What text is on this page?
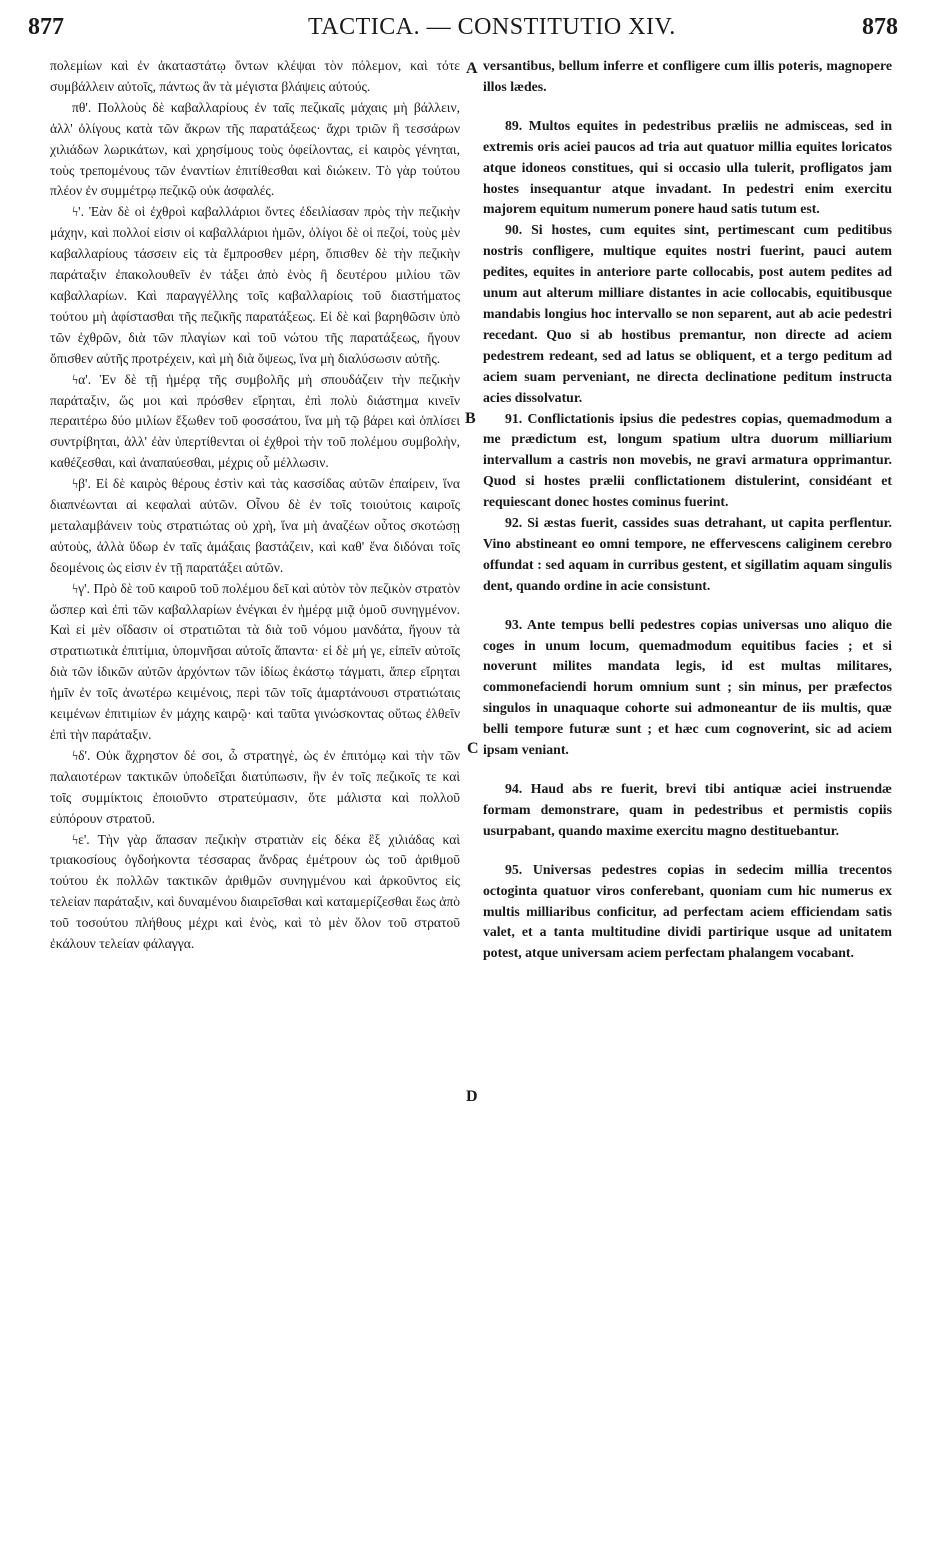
877	TACTICA. — CONSTITUTIO XIV.	878

πολεμίων καὶ ἐν ἀκαταστάτῳ ὄντων κλέψαι τὸν πόλεμον, καὶ τότε συμβάλλειν αὐτοῖς, πάντως ἂν τὰ μέγιστα βλάψεις αὐτούς.

πθ'. Πολλοὺς δὲ καβαλλαρίους ἐν ταῖς πεζικαῖς μάχαις μὴ βάλλειν, ἀλλ' ὀλίγους κατὰ τῶν ἄκρων τῆς παρατάξεως· ἄχρι τριῶν ἢ τεσσάρων χιλιάδων λωρικάτων, καὶ χρησίμους τοὺς ὀφείλοντας, εἰ καιρὸς γένηται, τοὺς τρεπομένους τῶν ἐναντίων ἐπιτίθεσθαι καὶ διώκειν. Τὸ γὰρ τούτου πλέον ἐν συμμέτρῳ πεζικῷ οὐκ ἀσφαλές.

ϟ'. Ἐὰν δὲ οἱ ἐχθροὶ καβαλλάριοι ὄντες ἐδειλίασαν πρὸς τὴν πεζικὴν μάχην, καὶ πολλοί εἰσιν οἱ καβαλλάριοι ἡμῶν, ὀλίγοι δὲ οἱ πεζοί, τοὺς μὲν καβαλλαρίους τάσσειν εἰς τὰ ἔμπροσθεν μέρη, ὄπισθεν δὲ τὴν πεζικὴν παράταξιν ἐπακολουθεῖν ἐν τάξει ἀπὸ ἑνὸς ἢ δευτέρου μιλίου τῶν καβαλλαρίων. Καὶ παραγγέλλης τοῖς καβαλλαρίοις τοῦ διαστήματος τούτου μὴ ἀφίστασθαι τῆς πεζικῆς παρατάξεως. Εἰ δὲ καὶ βαρηθῶσιν ὑπὸ τῶν ἐχθρῶν, διὰ τῶν πλαγίων καὶ τοῦ νώτου τῆς παρατάξεως, ἤγουν ὄπισθεν αὐτῆς προτρέχειν, καὶ μὴ διὰ ὄψεως, ἵνα μὴ διαλύσωσιν αὐτῆς.

ϟα'. Ἐν δὲ τῇ ἡμέρᾳ τῆς συμβολῆς μὴ σπουδάζειν τὴν πεζικὴν παράταξιν, ὥς μοι καὶ πρόσθεν εἴρηται, ἐπὶ πολὺ διάστημα κινεῖν περαιτέρω δύο μιλίων ἔξωθεν τοῦ φοσσάτου, ἵνα μὴ τῷ βάρει καὶ ὁπλίσει συντρίβηται, ἀλλ' ἐὰν ὑπερτίθενται οἱ ἐχθροὶ τὴν τοῦ πολέμου συμβολὴν, καθέζεσθαι, καὶ ἀναπαύεσθαι, μέχρις οὗ μέλλωσιν.

ϟβ'. Εἰ δὲ καιρὸς θέρους ἐστὶν καὶ τὰς κασσίδας αὐτῶν ἐπαίρειν, ἵνα διαπνέωνται αἱ κεφαλαὶ αὐτῶν. Οἶνου δὲ ἐν τοῖς τοιούτοις καιροῖς μεταλαμβάνειν τοὺς στρατιώτας οὐ χρὴ, ἵνα μὴ ἀναζέων οὗτος σκοτώσῃ αὐτοὺς, ἀλλὰ ὕδωρ ἐν ταῖς ἁμάξαις βαστάζειν, καὶ καθ' ἕνα διδόναι τοῖς δεομένοις ὡς εἰσιν ἐν τῇ παρατάξει αὐτῶν.

ϟγ'. Πρὸ δὲ τοῦ καιροῦ τοῦ πολέμου δεῖ καὶ αὐτὸν τὸν πεζικὸν στρατὸν ὥσπερ καὶ ἐπὶ τῶν καβαλλαρίων ἐνέγκαι ἐν ἡμέρᾳ μιᾷ ὁμοῦ συνηγμένον. Καὶ εἰ μὲν οἴδασιν οἱ στρατιῶται τὰ διὰ τοῦ νόμου μανδάτα, ἤγουν τὰ στρατιωτικὰ ἐπιτίμια, ὑπομνῆσαι αὐτοῖς ἅπαντα· εἰ δὲ μή γε, εἰπεῖν αὐτοῖς διὰ τῶν ἰδικῶν αὐτῶν ἀρχόντων τῶν ἰδίως ἑκάστῳ τάγματι, ἅπερ εἴρηται ἡμῖν ἐν τοῖς ἀνωτέρω κειμένοις, περὶ τῶν τοῖς ἁμαρτάνουσι στρατιώταις κειμένων ἐπιτιμίων ἐν μάχης καιρῷ· καὶ ταῦτα γινώσκοντας οὕτως ἐλθεῖν ἐπὶ τὴν παράταξιν.

ϟδ'. Οὐκ ἄχρηστον δέ σοι, ὦ στρατηγὲ, ὡς ἐν ἐπιτόμῳ καὶ τὴν τῶν παλαιοτέρων τακτικῶν ὑποδεῖξαι διατύπωσιν, ἣν ἐν τοῖς πεζικοῖς τε καὶ τοῖς συμμίκτοις ἐποιοῦντο στρατεύμασιν, ὅτε μάλιστα καὶ πολλοῦ εὐπόρουν στρατοῦ.

ϟε'. Τὴν γὰρ ἅπασαν πεζικὴν στρατιὰν εἰς δέκα ἓξ χιλιάδας καὶ τριακοσίους ὀγδοήκοντα τέσσαρας ἄνδρας ἐμέτρουν ὡς τοῦ ἀριθμοῦ τούτου ἐκ πολλῶν τακτικῶν ἀριθμῶν συνηγμένου καὶ ἀρκοῦντος εἰς τελείαν παράταξιν, καὶ δυναμένου διαιρεῖσθαι καὶ καταμερίζεσθαι ἕως ἀπὸ τοῦ τοσούτου πλήθους μέχρι καὶ ἑνὸς, καὶ τὸ μὲν ὅλον τοῦ στρατοῦ ἐκάλουν τελείαν φάλαγγα.

versantibus, bellum inferre et confligere cum illis poteris, magnopere illos lædes.

89. Multos equites in pedestribus præliis ne admisceas, sed in extremis oris aciei paucos ad tria aut quatuor millia equites loricatos atque idoneos constitues, qui si occasio ulla tulerit, profligatos jam hostes insequantur atque invadant. In pedestri enim exercitu majorem equitum numerum ponere haud satis tutum est.

90. Si hostes, cum equites sint, pertimescant cum peditibus nostris confligere, multique equites nostri fuerint, pauci autem pedites, equites in anteriore parte collocabis, post autem pedites ad unum aut alterum milliare distantes in acie collocabis, equitibusque mandabis longius hoc intervallo se non separent, aut ab acie pedestri recedant. Quo si ab hostibus premantur, non directe ad aciem pedestrem redeant, sed ad latus se obliquent, et a tergo peditum ad aciem suam perveniant, ne directa declinatione peditum instructa acies dissolvatur.

91. Conflictationis ipsius die pedestres copias, quemadmodum a me prædictum est, longum spatium ultra duorum milliarium intervallum a castris non movebis, ne gravi armatura opprimantur. Quod si hostes prælii conflictationem distulerint, considéant et requiescant donec hostes cominus fuerint.

92. Si æstas fuerit, cassides suas detrahant, ut capita perflentur. Vino abstineant eo omni tempore, ne effervescens caliginem cerebro offundat : sed aquam in curribus gestent, et sigillatim aquam singulis dent, quando ordine in acie consistunt.

93. Ante tempus belli pedestres copias universas uno aliquo die coges in unum locum, quemadmodum equitibus facies ; et si noverunt milites mandata legis, id est multas militares, commonefaciendi horum omnium sunt ; sin minus, per præfectos singulos in unaquaque cohorte sui admoneantur de iis multis, quæ belli tempore futuræ sunt ; et hæc cum cognoverint, sic ad aciem ipsam veniant.

94. Haud abs re fuerit, brevi tibi antiquæ aciei instruendæ formam demonstrare, quam in pedestribus et permistis copiis usurpabant, quando maxime exercitu magno destituebantur.

95. Universas pedestres copias in sedecim millia trecentos octoginta quatuor viros conferebant, quoniam cum hic numerus ex multis milliaribus conficitur, ad perfectam aciem efficiendam satis valet, et a tanta multitudine dividi partirique usque ad unitatem potest, atque universam aciem perfectam phalangem vocabant.

A
B
C
D
